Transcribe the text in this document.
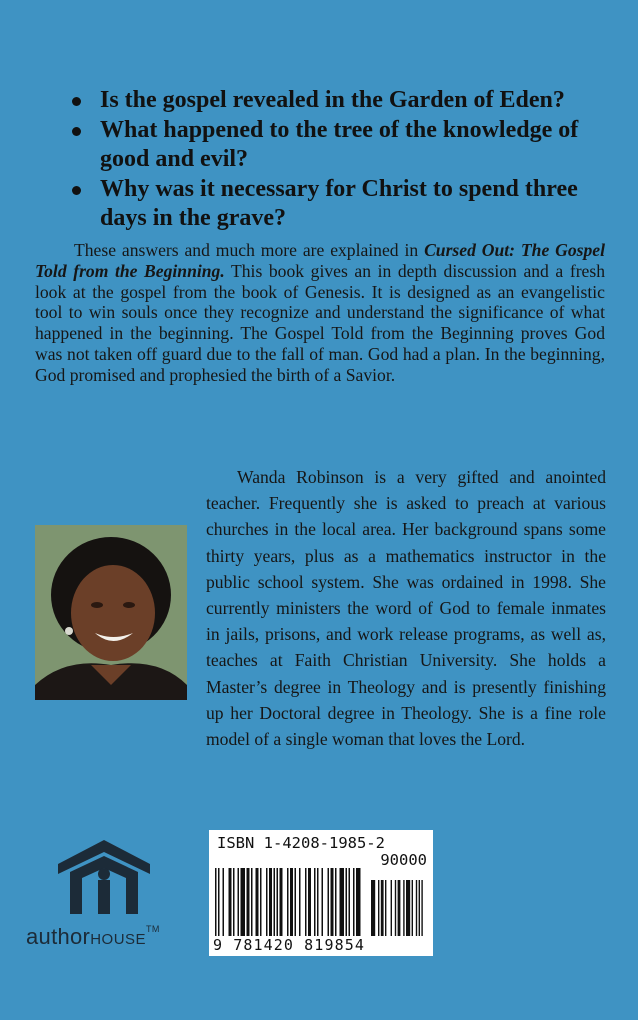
Is the gospel revealed in the Garden of Eden?
What happened to the tree of the knowledge of good and evil?
Why was it necessary for Christ to spend three days in the grave?

These answers and much more are explained in Cursed Out: The Gospel Told from the Beginning. This book gives an in depth discussion and a fresh look at the gospel from the book of Genesis. It is designed as an evangelistic tool to win souls once they recognize and understand the significance of what happened in the beginning. The Gospel Told from the Beginning proves God was not taken off guard due to the fall of man. God had a plan. In the beginning, God promised and prophesied the birth of a Savior.

Wanda Robinson is a very gifted and anointed teacher. Frequently she is asked to preach at various churches in the local area. Her background spans some thirty years, plus as a mathematics instructor in the public school system. She was ordained in 1998. She currently ministers the word of God to female inmates in jails, prisons, and work release programs, as well as, teaches at Faith Christian University. She holds a Master’s degree in Theology and is presently finishing up her Doctoral degree in Theology. She is a fine role model of a single woman that loves the Lord.

authorHOUSE™
ISBN 1-4208-1985-2
90000
9 781420 819854
